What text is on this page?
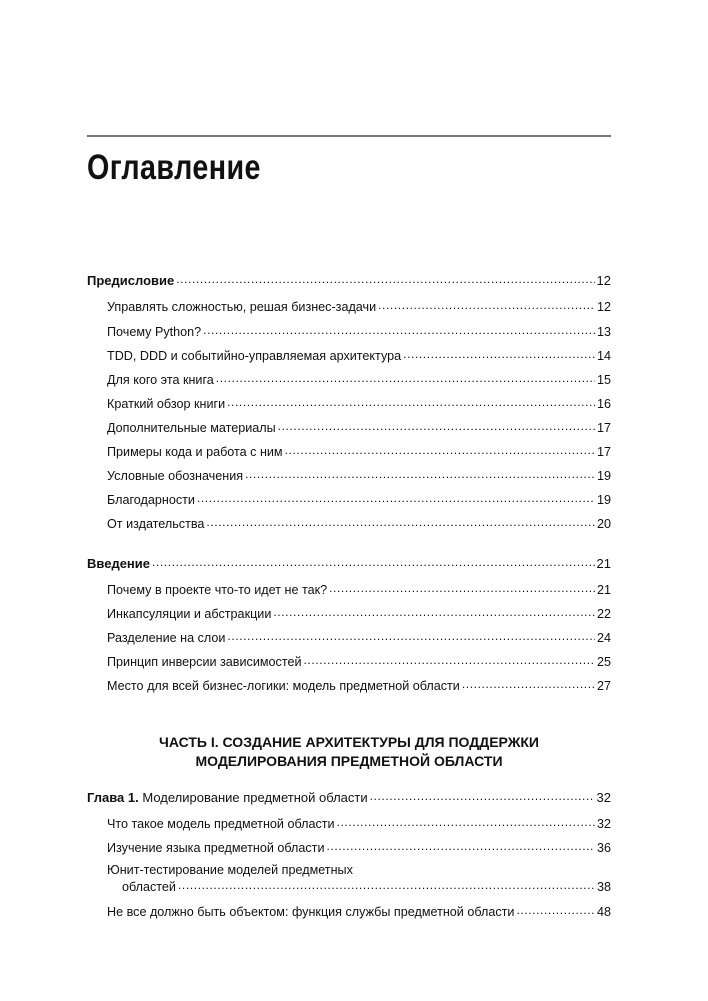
Оглавление
Предисловие .....	12
Управлять сложностью, решая бизнес-задачи .....	12
Почему Python? .....	13
TDD, DDD и событийно-управляемая архитектура .....	14
Для кого эта книга .....	15
Краткий обзор книги .....	16
Дополнительные материалы .....	17
Примеры кода и работа с ним .....	17
Условные обозначения .....	19
Благодарности .....	19
От издательства .....	20
Введение .....	21
Почему в проекте что-то идет не так? .....	21
Инкапсуляции и абстракции .....	22
Разделение на слои .....	24
Принцип инверсии зависимостей .....	25
Место для всей бизнес-логики: модель предметной области .....	27
ЧАСТЬ I. СОЗДАНИЕ АРХИТЕКТУРЫ ДЛЯ ПОДДЕРЖКИ
МОДЕЛИРОВАНИЯ ПРЕДМЕТНОЙ ОБЛАСТИ
Глава 1. Моделирование предметной области .....	32
Что такое модель предметной области .....	32
Изучение языка предметной области .....	36
Юнит-тестирование моделей предметных
областей .....	38
Не все должно быть объектом: функция службы предметной области .....	48
